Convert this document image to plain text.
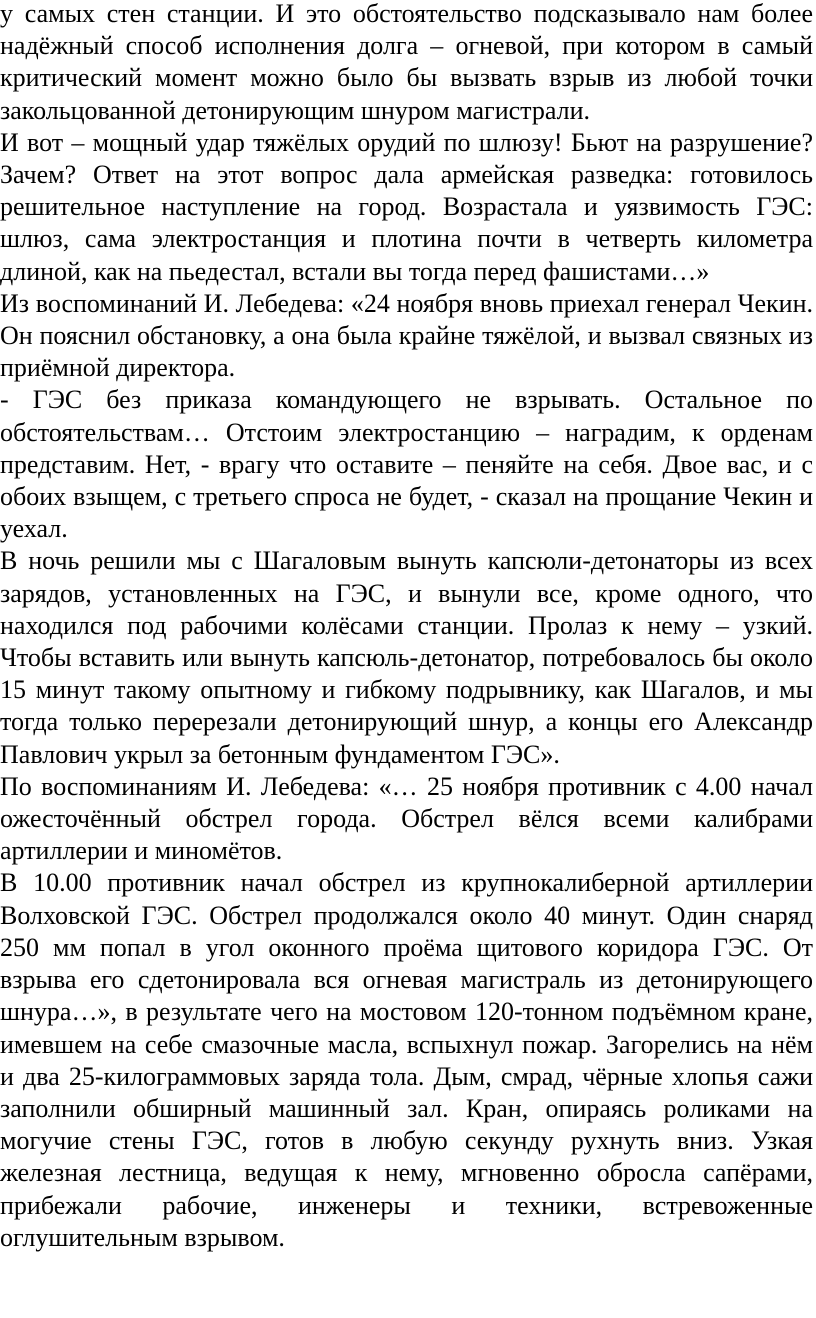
у самых стен станции. И это обстоятельство подсказывало нам более надёжный способ исполнения долга – огневой, при котором в самый критический момент можно было бы вызвать взрыв из любой точки закольцованной детонирующим шнуром магистрали.

И вот – мощный удар тяжёлых орудий по шлюзу! Бьют на разрушение? Зачем? Ответ на этот вопрос дала армейская разведка: готовилось решительное наступление на город. Возрастала и уязвимость ГЭС: шлюз, сама электростанция и плотина почти в четверть километра длиной, как на пьедестал, встали вы тогда перед фашистами…»

Из воспоминаний И. Лебедева: «24 ноября вновь приехал генерал Чекин. Он пояснил обстановку, а она была крайне тяжёлой, и вызвал связных из приёмной директора.

- ГЭС без приказа командующего не взрывать. Остальное по обстоятельствам… Отстоим электростанцию – наградим, к орденам представим. Нет, - врагу что оставите – пеняйте на себя. Двое вас, и с обоих взыщем, с третьего спроса не будет, - сказал на прощание Чекин и уехал.

В ночь решили мы с Шагаловым вынуть капсюли-детонаторы из всех зарядов, установленных на ГЭС, и вынули все, кроме одного, что находился под рабочими колёсами станции. Пролаз к нему – узкий. Чтобы вставить или вынуть капсюль-детонатор, потребовалось бы около 15 минут такому опытному и гибкому подрывнику, как Шагалов, и мы тогда только перерезали детонирующий шнур, а концы его Александр Павлович укрыл за бетонным фундаментом ГЭС».

По воспоминаниям И. Лебедева: «… 25 ноября противник с 4.00 начал ожесточённый обстрел города. Обстрел вёлся всеми калибрами артиллерии и миномётов.

В 10.00 противник начал обстрел из крупнокалиберной артиллерии Волховской ГЭС. Обстрел продолжался около 40 минут. Один снаряд 250 мм попал в угол оконного проёма щитового коридора ГЭС. От взрыва его сдетонировала вся огневая магистраль из детонирующего шнура…», в результате чего на мостовом 120-тонном подъёмном кране, имевшем на себе смазочные масла, вспыхнул пожар. Загорелись на нём и два 25-килограммовых заряда тола. Дым, смрад, чёрные хлопья сажи заполнили обширный машинный зал. Кран, опираясь роликами на могучие стены ГЭС, готов в любую секунду рухнуть вниз. Узкая железная лестница, ведущая к нему, мгновенно обросла сапёрами, прибежали рабочие, инженеры и техники, встревоженные оглушительным взрывом.
